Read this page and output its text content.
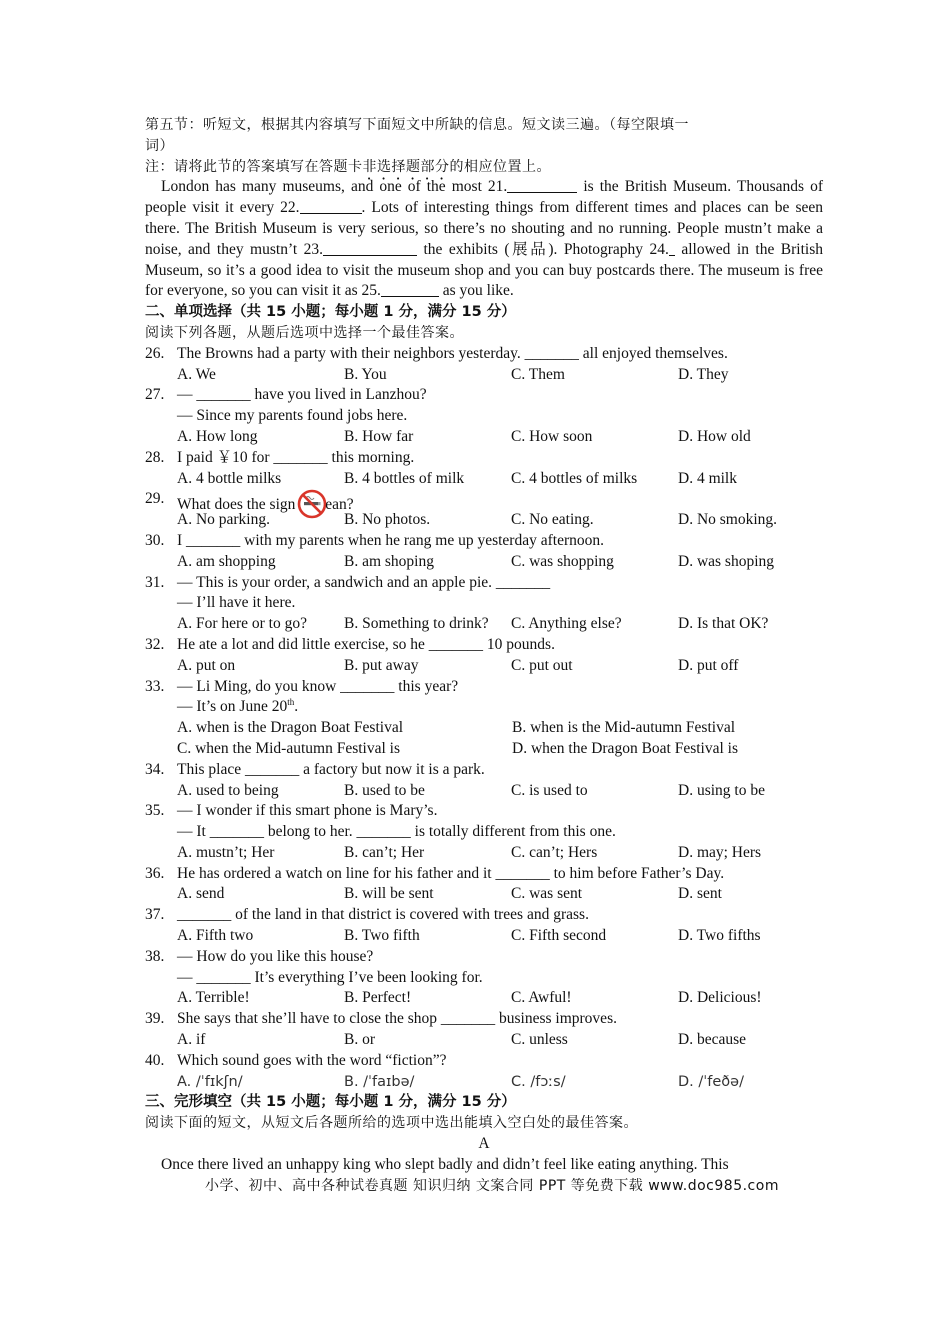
第五节：听短文，根据其内容填写下面短文中所缺的信息。短文读三遍。（每空限填一
词）
注：请将此节的答案填写在答题卡非选择题部分的相应位置上。
London has many museums, and one of the most 21.	is the British Museum. Thousands of people visit it every 22.	. Lots of interesting things from different times and places can be seen there. The British Museum is very serious, so there’s no shouting and no running. People mustn’t make a noise, and they mustn’t 23.	the exhibits (展品). Photography 24. allowed in the British Museum, so it’s a good idea to visit the museum shop and you can buy postcards there. The museum is free for everyone, so you can visit it as 25.	as you like.
二、单项选择（共 15 小题；每小题 1 分，满分 15 分）
阅读下列各题，从题后选项中选择一个最佳答案。
26. The Browns had a party with their neighbors yesterday. _______ all enjoyed themselves.
A. We	B. You	C. Them	D. They
27. — _______ have you lived in Lanzhou?
— Since my parents found jobs here.
A. How long	B. How far	C. How soon	D. How old
28. I paid ￥10 for _______ this morning.
A. 4 bottle milks	B. 4 bottles of milk	C. 4 bottles of milks	D. 4 milk
29. What does the sign ean?
A. No parking.	B. No photos.	C. No eating.	D. No smoking.
30. I _______ with my parents when he rang me up yesterday afternoon.
A. am shopping	B. am shoping	C. was shopping	D. was shoping
31. — This is your order, a sandwich and an apple pie. _______
— I’ll have it here.
A. For here or to go?	B. Something to drink?	C. Anything else?	D. Is that OK?
32. He ate a lot and did little exercise, so he _______ 10 pounds.
A. put on	B. put away	C. put out	D. put off
33. — Li Ming, do you know _______ this year?
— It’s on June 20th.
A. when is the Dragon Boat Festival	B. when is the Mid-autumn Festival
C. when the Mid-autumn Festival is	D. when the Dragon Boat Festival is
34. This place _______ a factory but now it is a park.
A. used to being	B. used to be	C. is used to	D. using to be
35. — I wonder if this smart phone is Mary’s.
— It _______ belong to her. _______ is totally different from this one.
A. mustn’t; Her	B. can’t; Her	C. can’t; Hers	D. may; Hers
36. He has ordered a watch on line for his father and it _______ to him before Father’s Day.
A. send	B. will be sent	C. was sent	D. sent
37. _______ of the land in that district is covered with trees and grass.
A. Fifth two	B. Two fifth	C. Fifth second	D. Two fifths
38. — How do you like this house?
— _______ It’s everything I’ve been looking for.
A. Terrible!	B. Perfect!	C. Awful!	D. Delicious!
39. She says that she’ll have to close the shop _______ business improves.
A. if	B. or	C. unless	D. because
40. Which sound goes with the word “fiction”?
A. /ˈfɪkʃn/	B. /ˈfaɪbə/	C. /fɔːs/	D. /ˈfeðə/
三、完形填空（共 15 小题；每小题 1 分，满分 15 分）
阅读下面的短文，从短文后各题所给的选项中选出能填入空白处的最佳答案。
A
Once there lived an unhappy king who slept badly and didn’t feel like eating anything. This
小学、初中、高中各种试卷真题 知识归纳 文案合同 PPT 等免费下载 www.doc985.com
